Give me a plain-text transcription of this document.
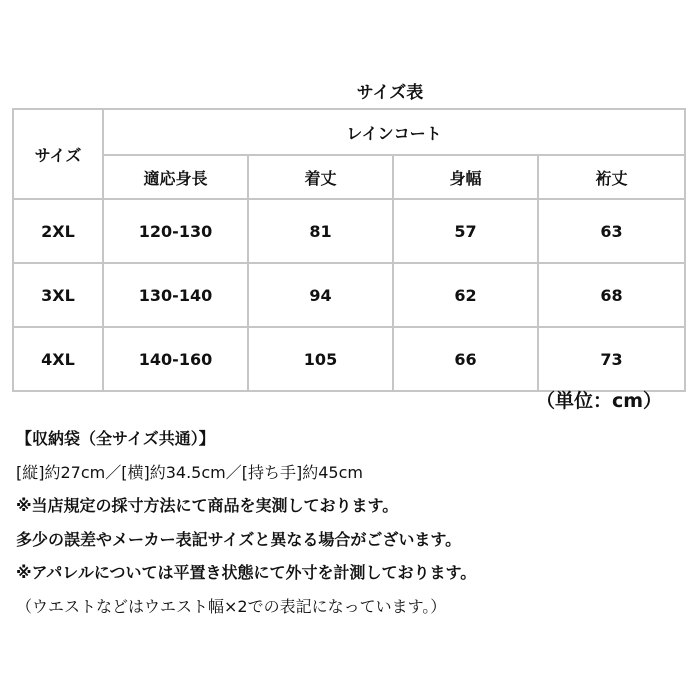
サイズ表
サイズ	レインコート			
	適応身長	着丈	身幅	裄丈
2XL	120-130	81	57	63
3XL	130-140	94	62	68
4XL	140-160	105	66	73
（単位：cm）
【収納袋（全サイズ共通）】
[縦]約27cm／[横]約34.5cm／[持ち手]約45cm
※当店規定の採寸方法にて商品を実測しております。
多少の誤差やメーカー表記サイズと異なる場合がございます。
※アパレルについては平置き状態にて外寸を計測しております。
（ウエストなどはウエスト幅×2での表記になっています。）
